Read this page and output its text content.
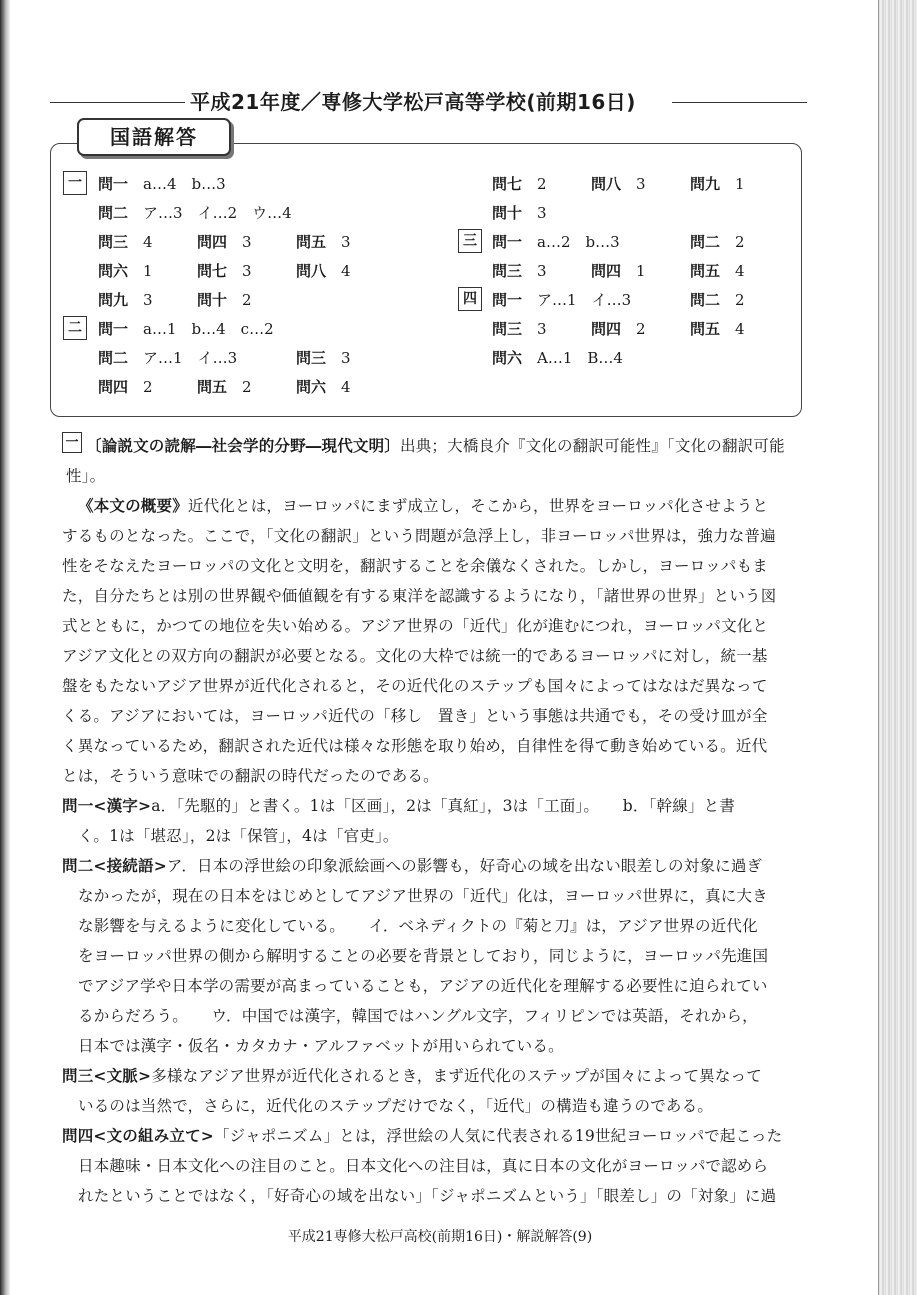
平成21年度／専修大学松戸高等学校(前期16日)
国語解答
一	問一　 a…4　b…3
問二　 ア…3　イ…2　ウ…4
問三　 4	問四　 3	問五　 3
問六　 1	問七　 3	問八　 4
問九　 3	問十　 2
二	問一　 a…1　b…4　c…2
問二　 ア…1　イ…3	問三　 3
問四　 2	問五　 2	問六　 4
問七　 2	問八　 3	問九　 1
問十　 3
三	問一　 a…2　b…3	問二　 2
問三　 3	問四　 1	問五　 4
四	問一　 ア…1　イ…3	問二　 2
問三　 3	問四　 2	問五　 4
問六　 A…1　B…4
一 〔論説文の読解―社会学的分野―現代文明〕出典；大橋良介『文化の翻訳可能性』「文化の翻訳可能
性」。
《本文の概要》近代化とは，ヨーロッパにまず成立し，そこから，世界をヨーロッパ化させようと
するものとなった。ここで，「文化の翻訳」という問題が急浮上し，非ヨーロッパ世界は，強力な普遍
性をそなえたヨーロッパの文化と文明を，翻訳することを余儀なくされた。しかし，ヨーロッパもま
た，自分たちとは別の世界観や価値観を有する東洋を認識するようになり，「諸世界の世界」という図
式とともに，かつての地位を失い始める。アジア世界の「近代」化が進むにつれ，ヨーロッパ文化と
アジア文化との双方向の翻訳が必要となる。文化の大枠では統一的であるヨーロッパに対し，統一基
盤をもたないアジア世界が近代化されると，その近代化のステップも国々によってはなはだ異なって
くる。アジアにおいては，ヨーロッパ近代の「移し　置き」という事態は共通でも，その受け皿が全
く異なっているため，翻訳された近代は様々な形態を取り始め，自律性を得て動き始めている。近代
とは，そういう意味での翻訳の時代だったのである。
問一<漢字>a．「先駆的」と書く。1は「区画」，2は「真紅」，3は「工面」。　　b．「幹線」と書
く。1は「堪忍」，2は「保管」，4は「官吏」。
問二<接続語>ア．日本の浮世絵の印象派絵画への影響も，好奇心の域を出ない眼差しの対象に過ぎ
なかったが，現在の日本をはじめとしてアジア世界の「近代」化は，ヨーロッパ世界に，真に大き
な影響を与えるように変化している。　　イ．ベネディクトの『菊と刀』は，アジア世界の近代化
をヨーロッパ世界の側から解明することの必要を背景としており，同じように，ヨーロッパ先進国
でアジア学や日本学の需要が高まっていることも，アジアの近代化を理解する必要性に迫られてい
るからだろう。　　ウ．中国では漢字，韓国ではハングル文字，フィリピンでは英語，それから，
日本では漢字・仮名・カタカナ・アルファベットが用いられている。
問三<文脈>多様なアジア世界が近代化されるとき，まず近代化のステップが国々によって異なって
いるのは当然で，さらに，近代化のステップだけでなく，「近代」の構造も違うのである。
問四<文の組み立て>「ジャポニズム」とは，浮世絵の人気に代表される19世紀ヨーロッパで起こった
日本趣味・日本文化への注目のこと。日本文化への注目は，真に日本の文化がヨーロッパで認めら
れたということではなく，「好奇心の域を出ない」「ジャポニズムという」「眼差し」の「対象」に過
平成21専修大松戸高校(前期16日)・解説解答(9)
